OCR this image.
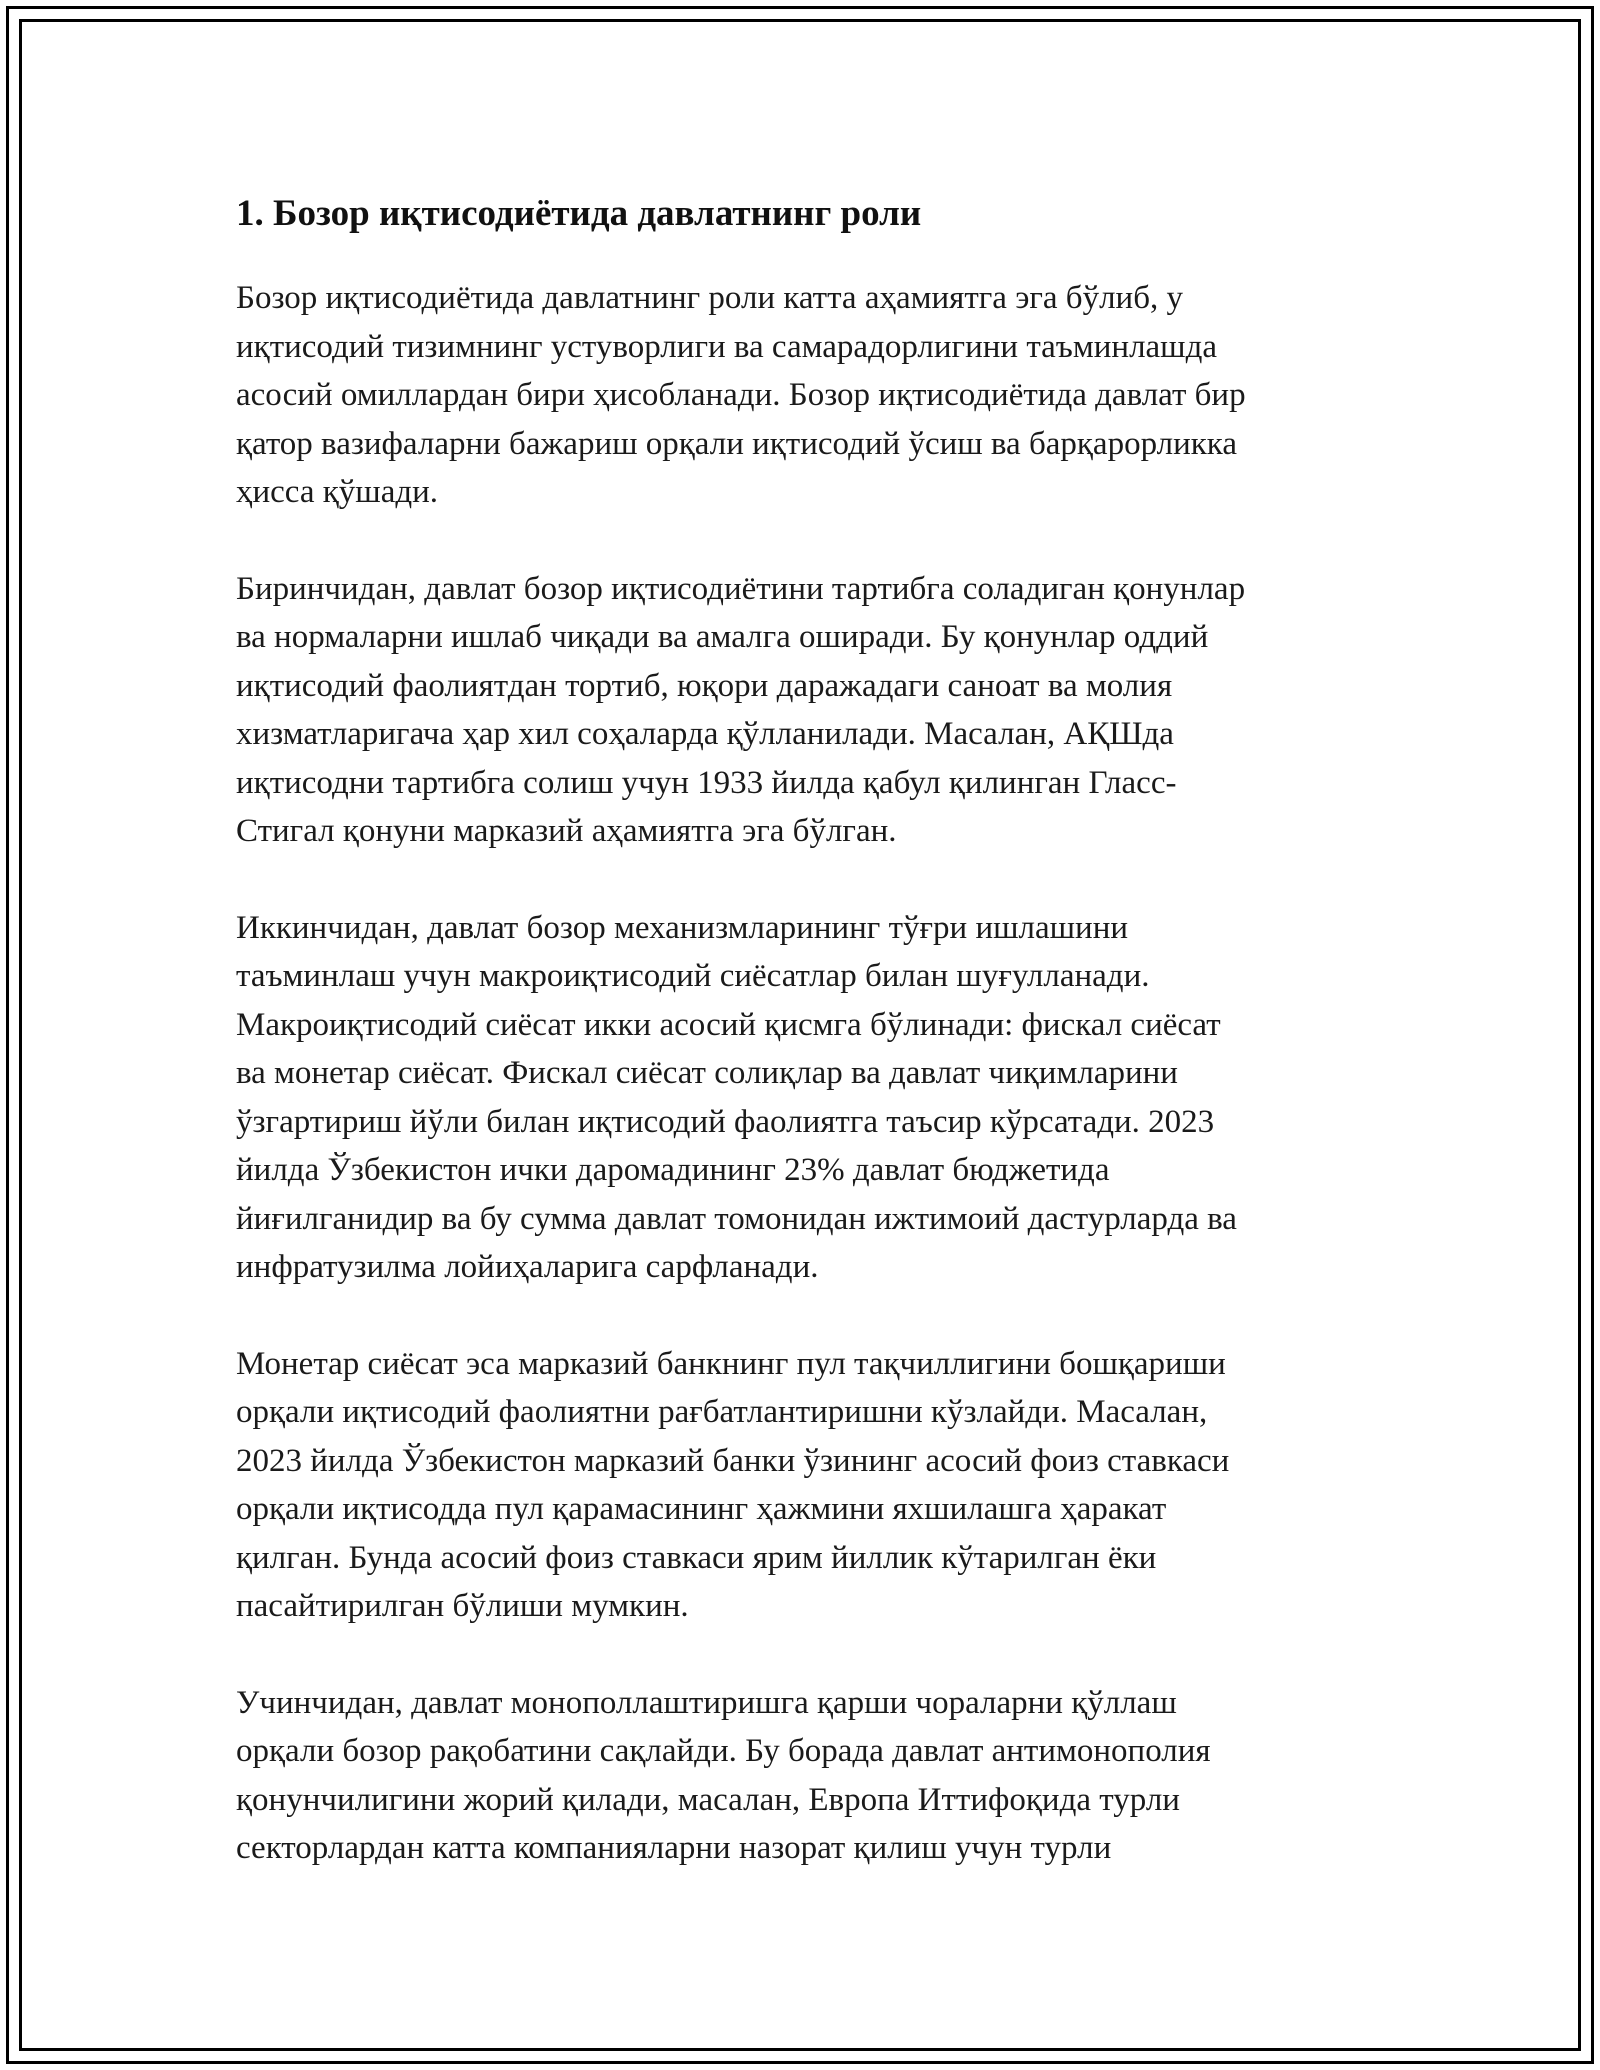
1. Бозор иқтисодиётида давлатнинг роли
Бозор иқтисодиётида давлатнинг роли катта аҳамиятга эга бўлиб, у
иқтисодий тизимнинг устуворлиги ва самарадорлигини таъминлашда
асосий омиллардан бири ҳисобланади. Бозор иқтисодиётида давлат бир
қатор вазифаларни бажариш орқали иқтисодий ўсиш ва барқарорликка
ҳисса қўшади.
Биринчидан, давлат бозор иқтисодиётини тартибга соладиган қонунлар
ва нормаларни ишлаб чиқади ва амалга оширади. Бу қонунлар оддий
иқтисодий фаолиятдан тортиб, юқори даражадаги саноат ва молия
хизматларигача ҳар хил соҳаларда қўлланилади. Масалан, АҚШда
иқтисодни тартибга солиш учун 1933 йилда қабул қилинган Гласс-
Стигал қонуни марказий аҳамиятга эга бўлган.
Иккинчидан, давлат бозор механизмларининг тўғри ишлашини
таъминлаш учун макроиқтисодий сиёсатлар билан шуғулланади.
Макроиқтисодий сиёсат икки асосий қисмга бўлинади: фискал сиёсат
ва монетар сиёсат. Фискал сиёсат солиқлар ва давлат чиқимларини
ўзгартириш йўли билан иқтисодий фаолиятга таъсир кўрсатади. 2023
йилда Ўзбекистон ички даромадининг 23% давлат бюджетида
йиғилганидир ва бу сумма давлат томонидан ижтимоий дастурларда ва
инфратузилма лойиҳаларига сарфланади.
Монетар сиёсат эса марказий банкнинг пул тақчиллигини бошқариши
орқали иқтисодий фаолиятни рағбатлантиришни кўзлайди. Масалан,
2023 йилда Ўзбекистон марказий банки ўзининг асосий фоиз ставкаси
орқали иқтисодда пул қарамасининг ҳажмини яхшилашга ҳаракат
қилган. Бунда асосий фоиз ставкаси ярим йиллик кўтарилган ёки
пасайтирилган бўлиши мумкин.
Учинчидан, давлат монополлаштиришга қарши чораларни қўллаш
орқали бозор рақобатини сақлайди. Бу борада давлат антимонополия
қонунчилигини жорий қилади, масалан, Европа Иттифоқида турли
секторлардан катта компанияларни назорат қилиш учун турли
